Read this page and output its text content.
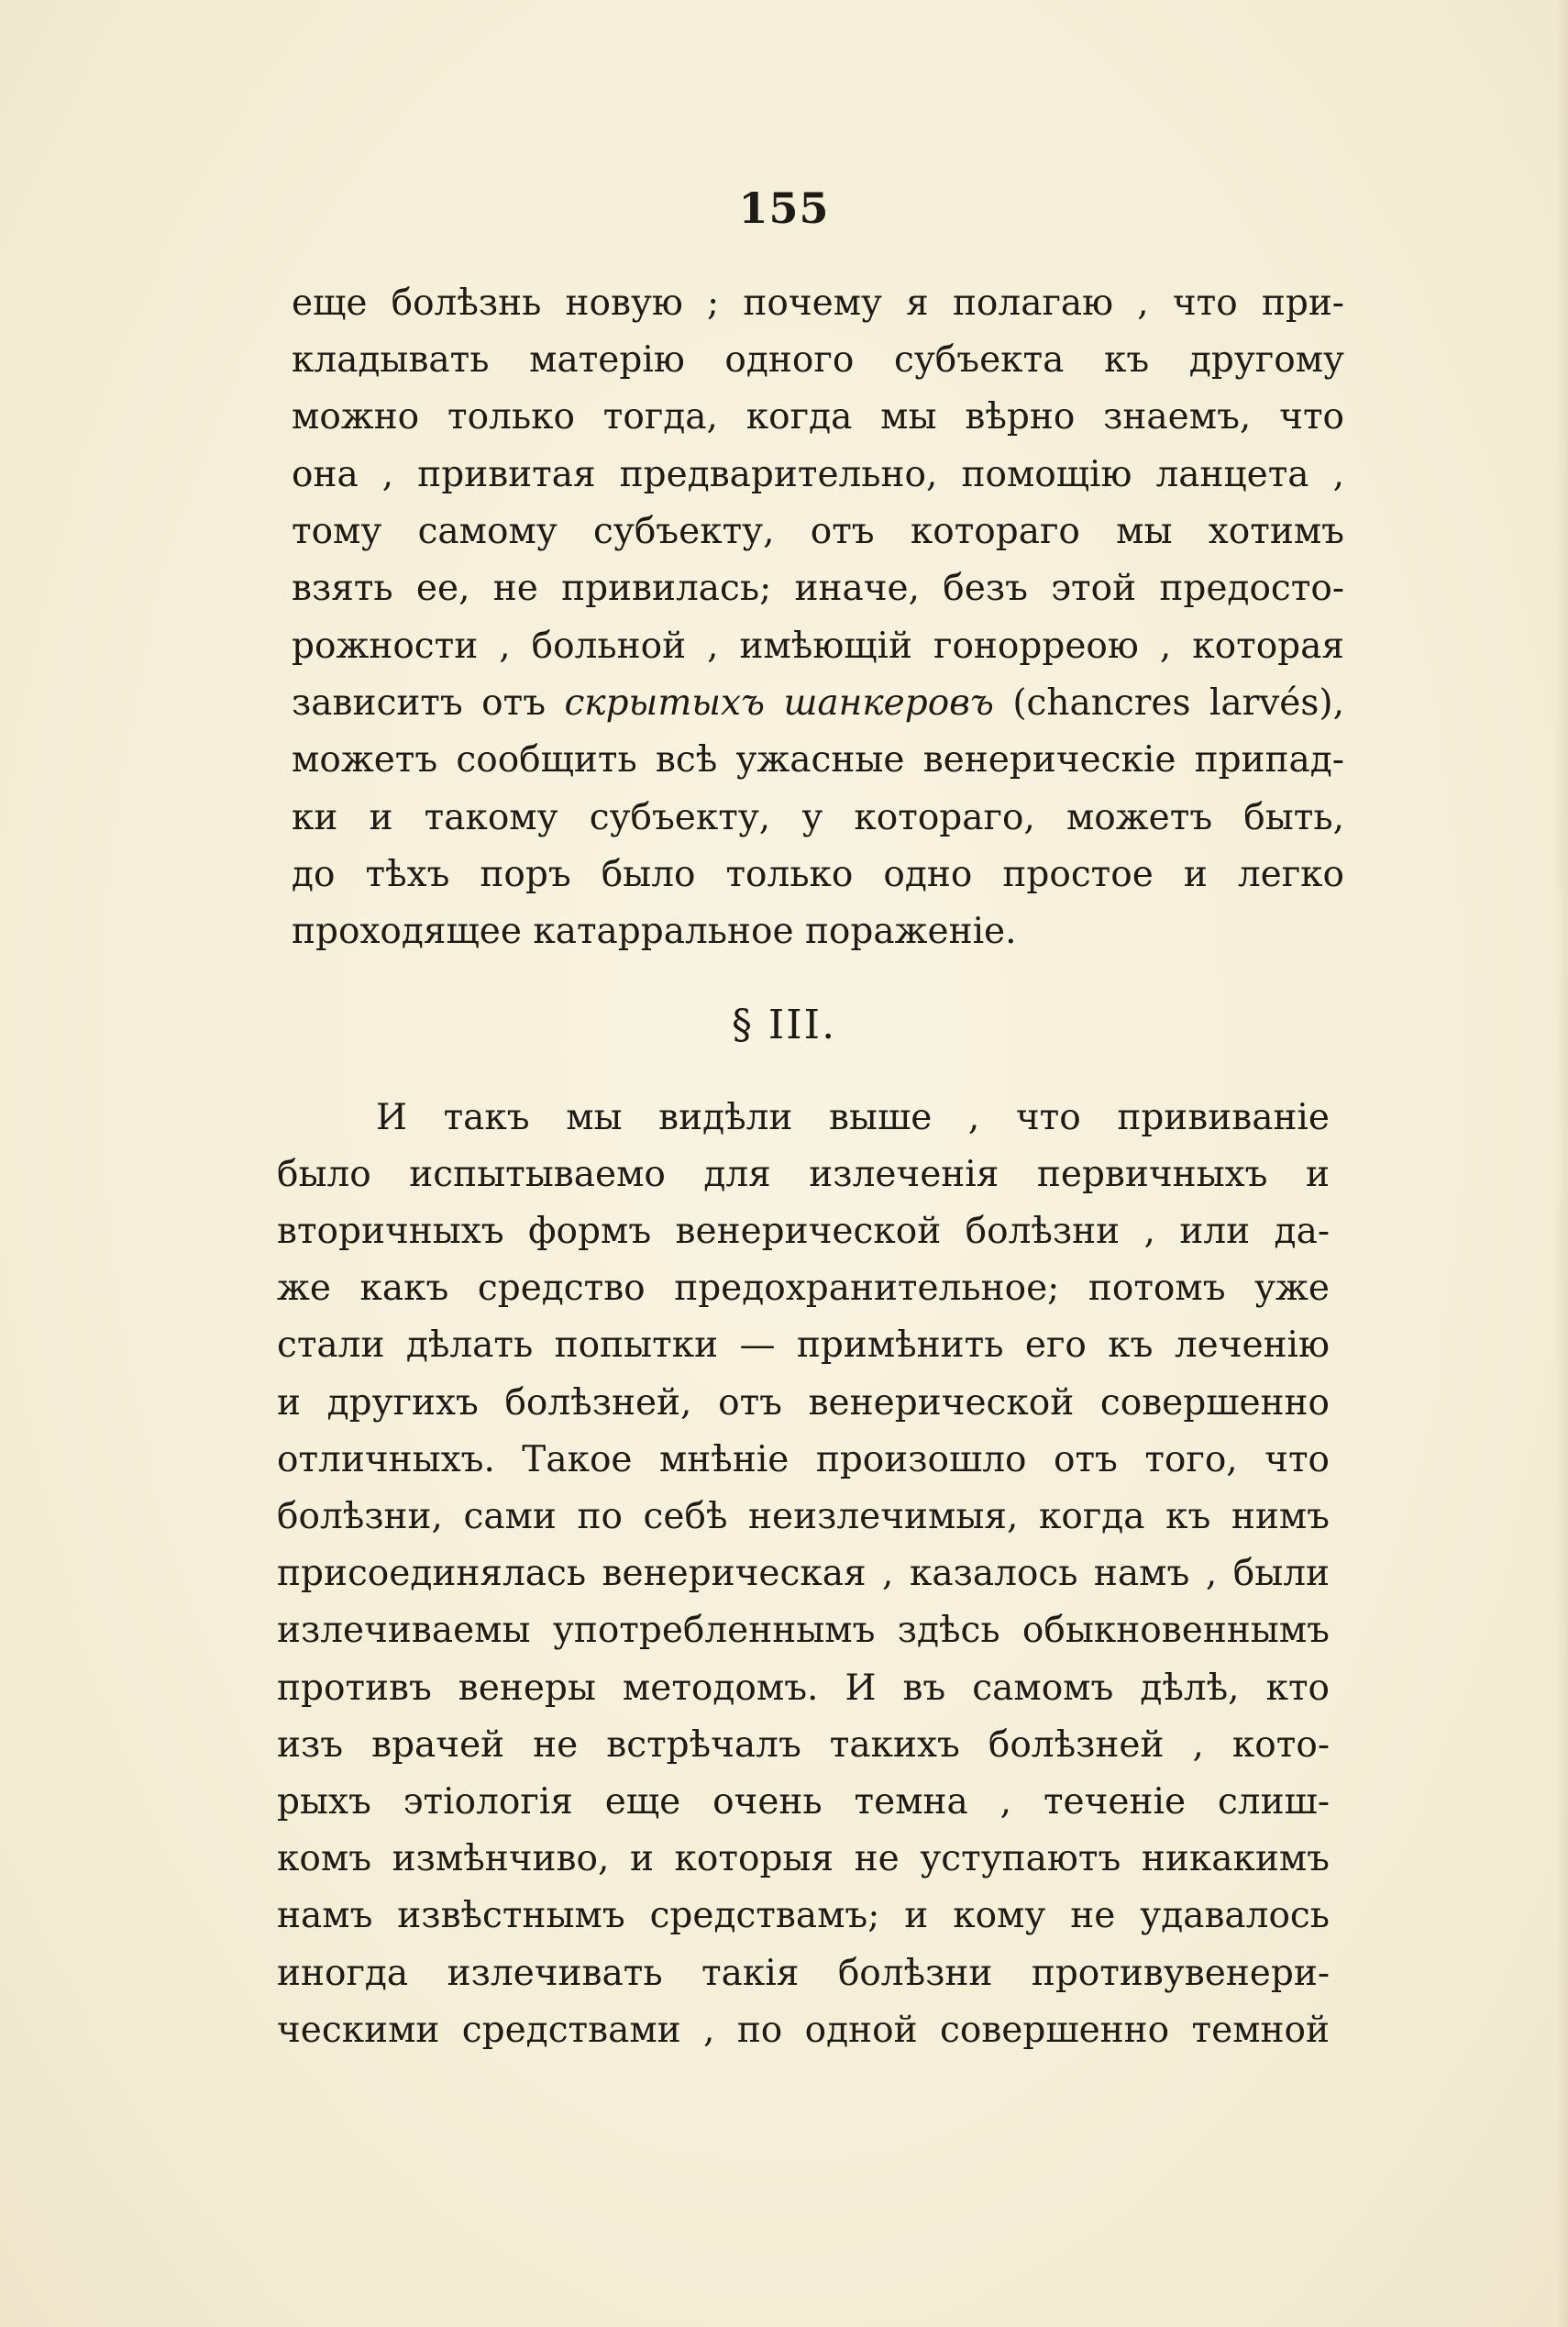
155
еще болѣзнь новую ; почему я полагаю , что при-
кладывать матерію одного субъекта къ другому
можно только тогда, когда мы вѣрно знаемъ, что
она , привитая предварительно, помощію ланцета ,
тому самому субъекту, отъ котораго мы хотимъ
взять ее, не привилась; иначе, безъ этой предосто-
рожности , больной , имѣющій гонорреою , которая
зависитъ отъ скрытыхъ шанкеровъ (chancres larvés),
можетъ сообщить всѣ ужасные венерическіе припад-
ки и такому субъекту, у котораго, можетъ быть,
до тѣхъ поръ было только одно простое и легко
проходящее катарральное пораженіе.
§ III.
И такъ мы видѣли выше , что прививаніе
было испытываемо для излеченія первичныхъ и
вторичныхъ формъ венерической болѣзни , или да-
же какъ средство предохранительное; потомъ уже
стали дѣлать попытки — примѣнить его къ леченію
и другихъ болѣзней, отъ венерической совершенно
отличныхъ. Такое мнѣніе произошло отъ того, что
болѣзни, сами по себѣ неизлечимыя, когда къ нимъ
присоединялась венерическая , казалось намъ , были
излечиваемы употребленнымъ здѣсь обыкновеннымъ
противъ венеры методомъ. И въ самомъ дѣлѣ, кто
изъ врачей не встрѣчалъ такихъ болѣзней , кото-
рыхъ этіологія еще очень темна , теченіе слиш-
комъ измѣнчиво, и которыя не уступаютъ никакимъ
намъ извѣстнымъ средствамъ; и кому не удавалось
иногда излечивать такія болѣзни противувенери-
ческими средствами , по одной совершенно темной
